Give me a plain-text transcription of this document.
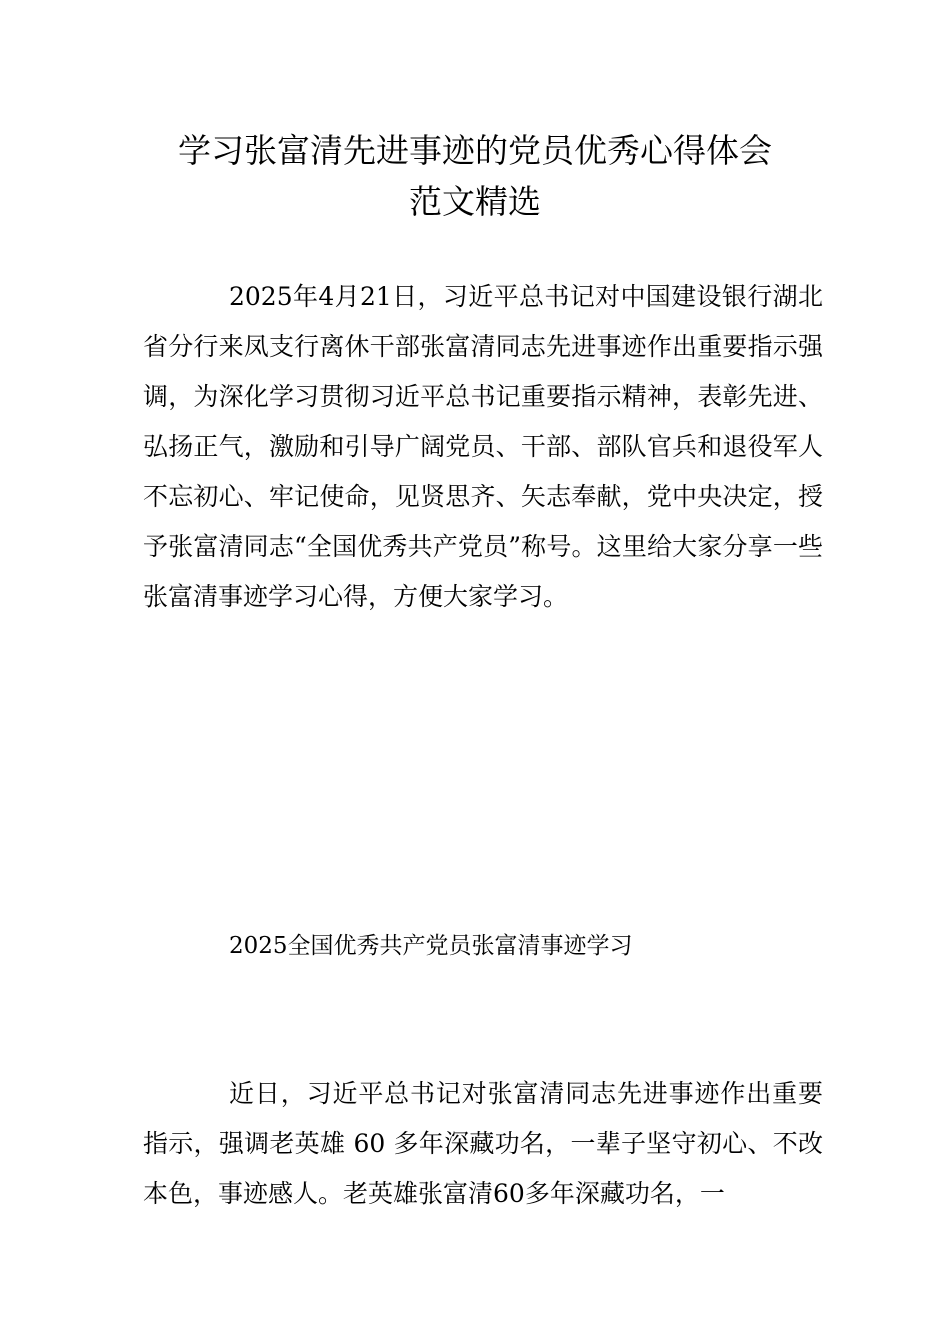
学习张富清先进事迹的党员优秀心得体会
范文精选

2025年4月21日，习近平总书记对中国建设银行湖北省分行来凤支行离休干部张富清同志先进事迹作出重要指示强调，为深化学习贯彻习近平总书记重要指示精神，表彰先进、弘扬正气，激励和引导广阔党员、干部、部队官兵和退役军人不忘初心、牢记使命，见贤思齐、矢志奉献，党中央决定，授予张富清同志“全国优秀共产党员”称号。这里给大家分享一些张富清事迹学习心得，方便大家学习。

2025全国优秀共产党员张富清事迹学习

近日，习近平总书记对张富清同志先进事迹作出重要指示，强调老英雄 60 多年深藏功名，一辈子坚守初心、不改本色，事迹感人。老英雄张富清60多年深藏功名，一
